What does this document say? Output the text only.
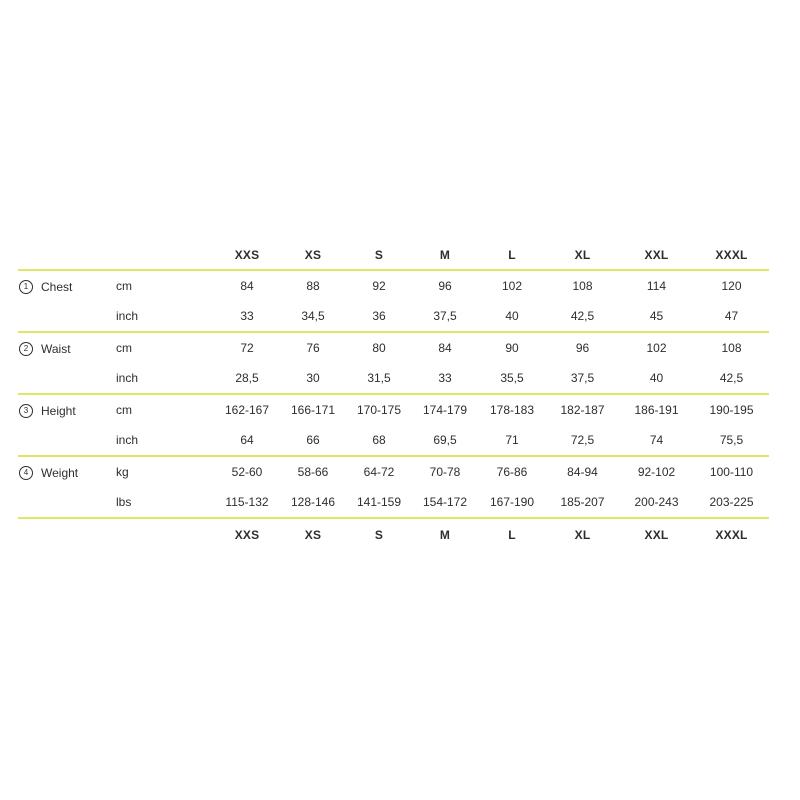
		XXS	XS	S	M	L	XL	XXL	XXXL

1 Chest	cm	84	88	92	96	102	108	114	120
	inch	33	34,5	36	37,5	40	42,5	45	47

2 Waist	cm	72	76	80	84	90	96	102	108
	inch	28,5	30	31,5	33	35,5	37,5	40	42,5

3 Height	cm	162-167	166-171	170-175	174-179	178-183	182-187	186-191	190-195
	inch	64	66	68	69,5	71	72,5	74	75,5

4 Weight	kg	52-60	58-66	64-72	70-78	76-86	84-94	92-102	100-110
	lbs	115-132	128-146	141-159	154-172	167-190	185-207	200-243	203-225
		XXS	XS	S	M	L	XL	XXL	XXXL
